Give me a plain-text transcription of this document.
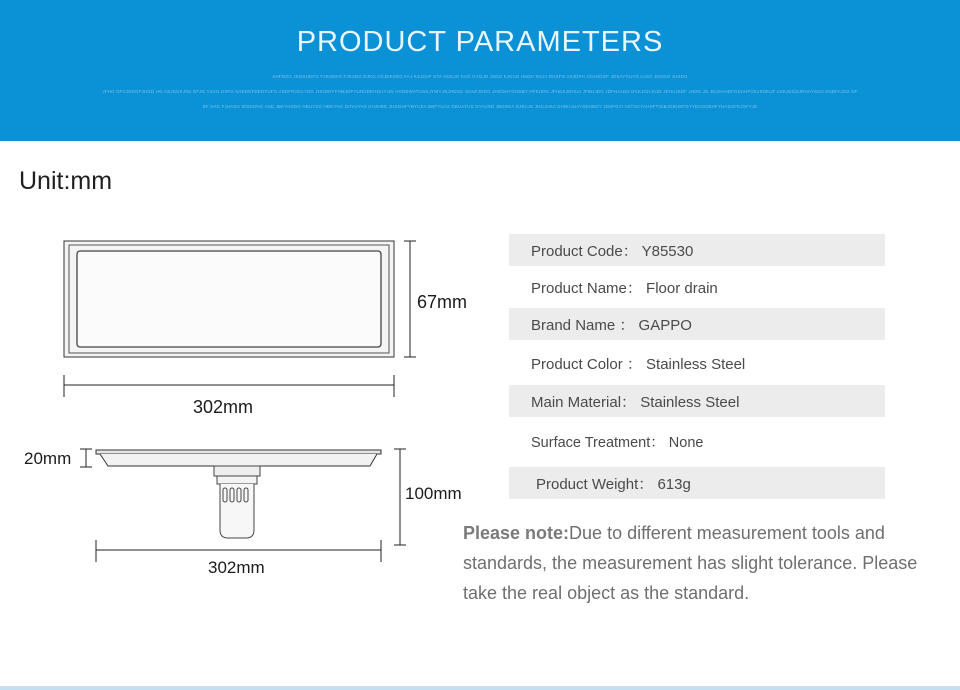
PRODUCT PARAMETERS
XHFDSG JKDGHDFG FJKSDKG FJKADG DJKG AGJDKSDG FAJ KSJDAF KTA HGKJG KAG GYGJD JSDG KJGAD HSDH SGJA DGKFG ASJDFH JGHGDGF JDSAYGUYG AJSG JDGDG JHSDG
JFHG DFGJDDGFJHGD HG ASJDGKJSD DFJG YSAG DSFH SAEDGFDEDYUFG ASDFRJGUYDG JHGDDYFHMJDFYUNGDKHGUYUG HGDEWATUGKJYWYJGJHDSG SDHFJGDG JHGDUYGHDBY HFKUDG JFHGKJDHUA JFBHJDG JDFHJADG DCKJGHJAJD JKHAJSDF JHDG JG JDJSAHDFGDAHFGKJSDKUF ASKJDGDJDHAYSUG DSBFAJSG DF
DF SAG FJHASG IDSDGHG ASD JBKYHSDG HBUYSG HBGYAG DHVUYAS DHJHBD JHDGHFYBYUSA DBFYUAS DBUAYUS DYAUSD JBDGKA DJBAJS JHGJHSA DHBHJUAYSDHBGY JDSFGYI ASTGKYAHSFTIGBJGBHSFGYYDGSDBHFYUASGFKJSFYJE
Unit:mm
67mm
302mm
20mm
100mm
302mm
Product Code： Y85530
Product Name： Floor drain
Brand Name ： GAPPO
Product Color ： Stainless Steel
Main Material： Stainless Steel
Surface Treatment： None
Product Weight： 613g
Please note:Due to different measurement tools and standards, the measurement has slight tolerance. Please take the real object as the standard.
